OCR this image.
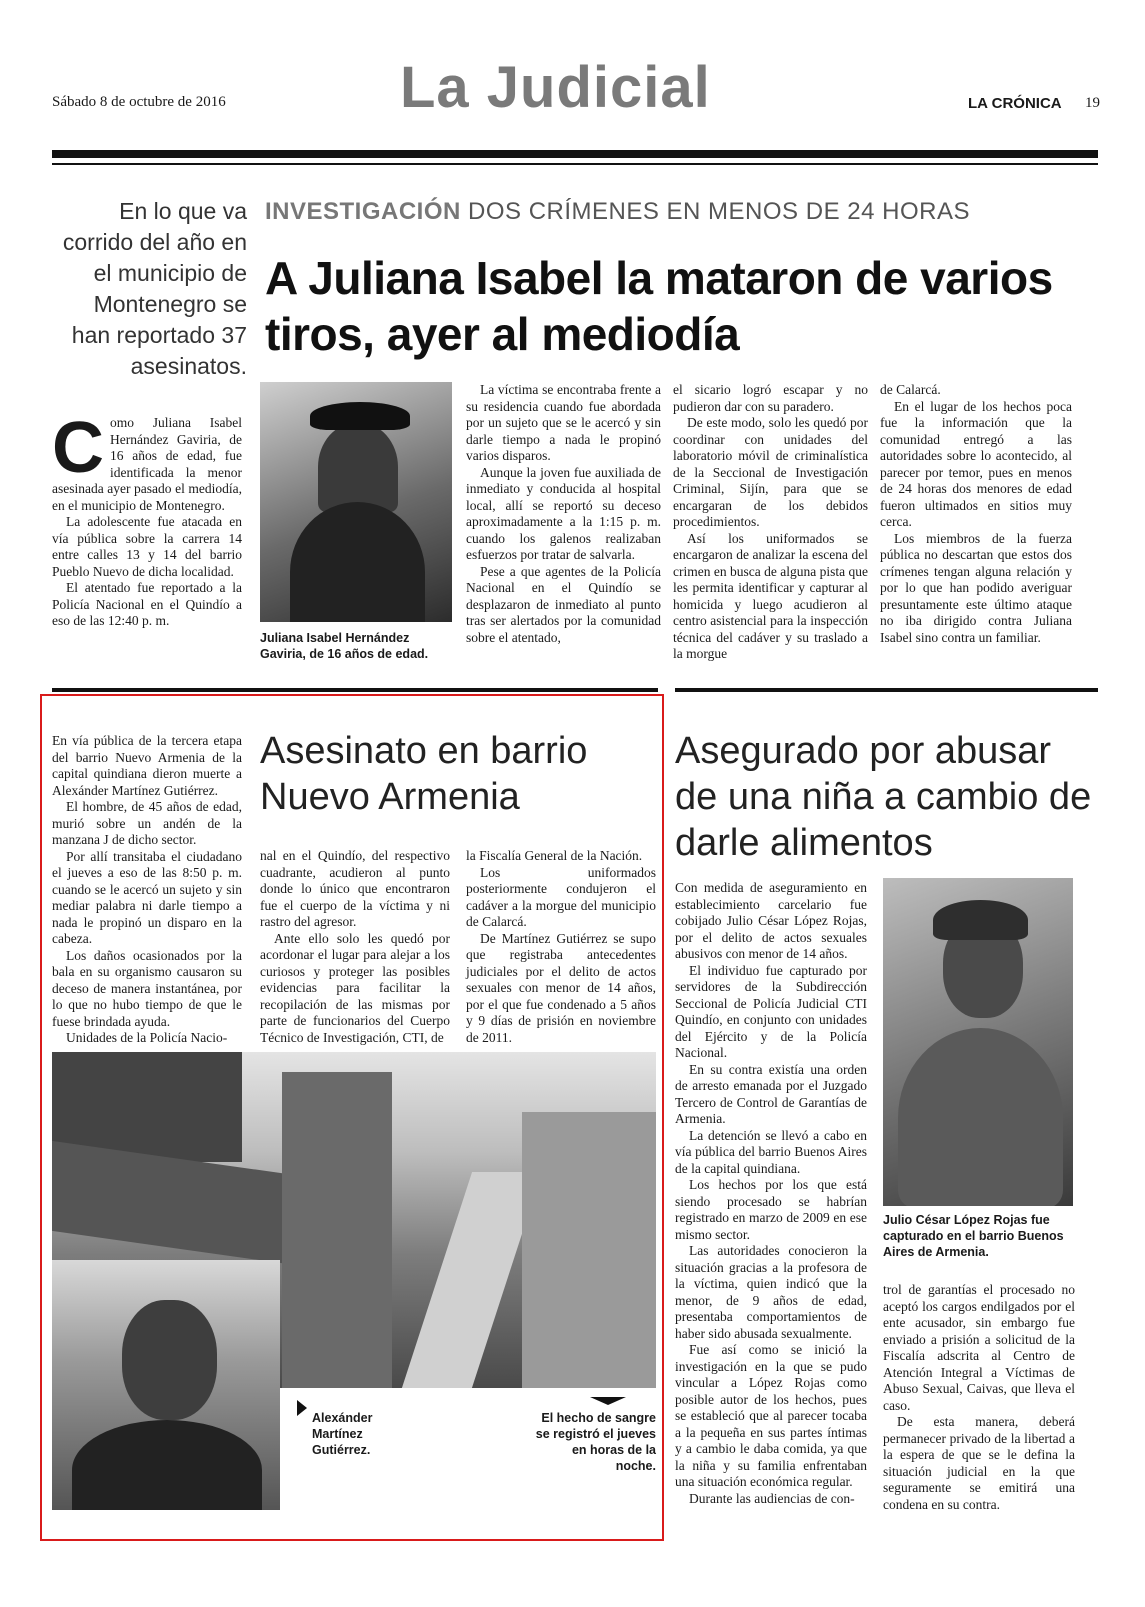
Sábado 8 de octubre de 2016	La Judicial	LA CRÓNICA 19
En lo que va corrido del año en el municipio de Montenegro se han reportado 37 asesinatos.
INVESTIGACIÓN DOS CRÍMENES EN MENOS DE 24 HORAS
A Juliana Isabel la mataron de varios tiros, ayer al mediodía
C omo Juliana Isabel Hernández Gaviria, de 16 años de edad, fue identificada la menor asesinada ayer pasado el mediodía, en el municipio de Montenegro.

La adolescente fue atacada en vía pública sobre la carrera 14 entre calles 13 y 14 del barrio Pueblo Nuevo de dicha localidad.

El atentado fue reportado a la Policía Nacional en el Quindío a eso de las 12:40 p. m.

Juliana Isabel Hernández Gaviria, de 16 años de edad.

La víctima se encontraba frente a su residencia cuando fue abordada por un sujeto que se le acercó y sin darle tiempo a nada le propinó varios disparos.

Aunque la joven fue auxiliada de inmediato y conducida al hospital local, allí se reportó su deceso aproximadamente a la 1:15 p. m. cuando los galenos realizaban esfuerzos por tratar de salvarla.

Pese a que agentes de la Policía Nacional en el Quindío se desplazaron de inmediato al punto tras ser alertados por la comunidad sobre el atentado,

el sicario logró escapar y no pudieron dar con su paradero.

De este modo, solo les quedó por coordinar con unidades del laboratorio móvil de criminalística de la Seccional de Investigación Criminal, Sijín, para que se encargaran de los debidos procedimientos.

Así los uniformados se encargaron de analizar la escena del crimen en busca de alguna pista que les permita identificar y capturar al homicida y luego acudieron al centro asistencial para la inspección técnica del cadáver y su traslado a la morgue

de Calarcá.

En el lugar de los hechos poca fue la información que la comunidad entregó a las autoridades sobre lo acontecido, al parecer por temor, pues en menos de 24 horas dos menores de edad fueron ultimados en sitios muy cerca.

Los miembros de la fuerza pública no descartan que estos dos crímenes tengan alguna relación y por lo que han podido averiguar presuntamente este último ataque no iba dirigido contra Juliana Isabel sino contra un familiar.

En vía pública de la tercera etapa del barrio Nuevo Armenia de la capital quindiana dieron muerte a Alexánder Martínez Gutiérrez.

El hombre, de 45 años de edad, murió sobre un andén de la manzana J de dicho sector.

Por allí transitaba el ciudadano el jueves a eso de las 8:50 p. m. cuando se le acercó un sujeto y sin mediar palabra ni darle tiempo a nada le propinó un disparo en la cabeza.

Los daños ocasionados por la bala en su organismo causaron su deceso de manera instantánea, por lo que no hubo tiempo de que le fuese brindada ayuda.

Unidades de la Policía Nacio-

Asesinato en barrio Nuevo Armenia

nal en el Quindío, del respectivo cuadrante, acudieron al punto donde lo único que encontraron fue el cuerpo de la víctima y ni rastro del agresor.

Ante ello solo les quedó por acordonar el lugar para alejar a los curiosos y proteger las posibles evidencias para facilitar la recopilación de las mismas por parte de funcionarios del Cuerpo Técnico de Investigación, CTI, de

la Fiscalía General de la Nación.

Los uniformados posteriormente condujeron el cadáver a la morgue del municipio de Calarcá.

De Martínez Gutiérrez se supo que registraba antecedentes judiciales por el delito de actos sexuales con menor de 14 años, por el que fue condenado a 5 años y 9 días de prisión en noviembre de 2011.

Alexánder Martínez Gutiérrez.
El hecho de sangre se registró el jueves en horas de la noche.
Asegurado por abusar de una niña a cambio de darle alimentos

Con medida de aseguramiento en establecimiento carcelario fue cobijado Julio César López Rojas, por el delito de actos sexuales abusivos con menor de 14 años.

El individuo fue capturado por servidores de la Subdirección Seccional de Policía Judicial CTI Quindío, en conjunto con unidades del Ejército y de la Policía Nacional.

En su contra existía una orden de arresto emanada por el Juzgado Tercero de Control de Garantías de Armenia.

La detención se llevó a cabo en vía pública del barrio Buenos Aires de la capital quindiana.

Los hechos por los que está siendo procesado se habrían registrado en marzo de 2009 en ese mismo sector.

Las autoridades conocieron la situación gracias a la profesora de la víctima, quien indicó que la menor, de 9 años de edad, presentaba comportamientos de haber sido abusada sexualmente.

Fue así como se inició la investigación en la que se pudo vincular a López Rojas como posible autor de los hechos, pues se estableció que al parecer tocaba a la pequeña en sus partes íntimas y a cambio le daba comida, ya que la niña y su familia enfrentaban una situación económica regular.

Durante las audiencias de con-

Julio César López Rojas fue capturado en el barrio Buenos Aires de Armenia.

trol de garantías el procesado no aceptó los cargos endilgados por el ente acusador, sin embargo fue enviado a prisión a solicitud de la Fiscalía adscrita al Centro de Atención Integral a Víctimas de Abuso Sexual, Caivas, que lleva el caso.

De esta manera, deberá permanecer privado de la libertad a la espera de que se le defina la situación judicial en la que seguramente se emitirá una condena en su contra.
